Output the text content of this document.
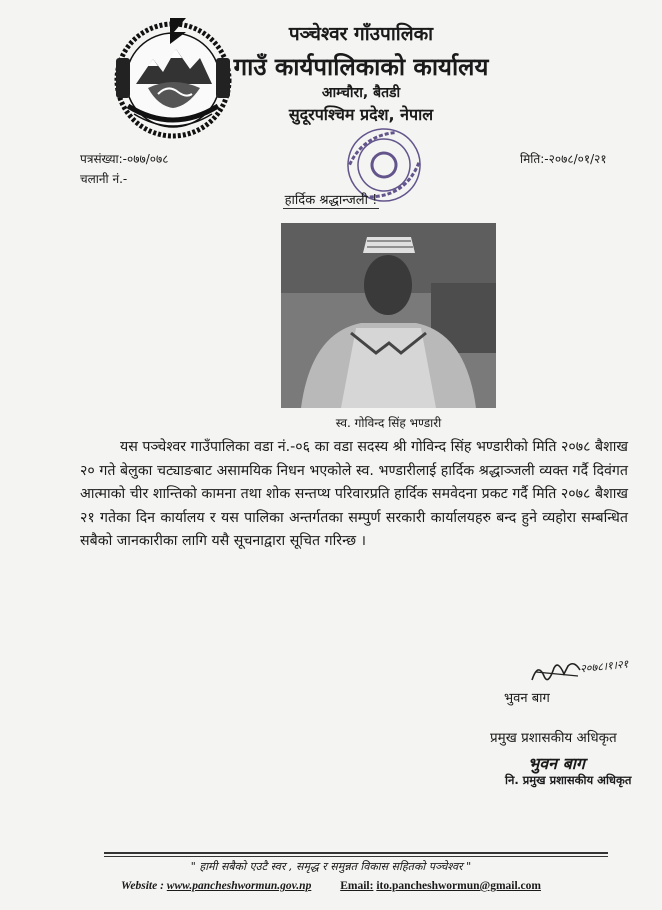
पञ्चेश्वर गाँउपालिका
गाउँ कार्यपालिकाको कार्यालय
आम्चौरा, बैतडी
सुदूरपश्चिम प्रदेश, नेपाल
पत्रसंख्या:-०७७/०७८
चलानी नं.-
मिति:-२०७८/०१/२१
हार्दिक श्रद्धान्जली !
स्व. गोविन्द सिंह भण्डारी
यस पञ्चेश्वर गाउँपालिका वडा नं.-०६ का वडा सदस्य श्री गोविन्द सिंह भण्डारीको मिति २०७८ बैशाख २० गते बेलुका चट्याङबाट असामयिक निधन भएकोले स्व. भण्डारीलाई हार्दिक श्रद्धाञ्जली व्यक्त गर्दै दिवंगत आत्माको चीर शान्तिको कामना तथा शोक सन्तप्थ परिवारप्रति हार्दिक समवेदना प्रकट गर्दै मिति २०७८ बैशाख २१ गतेका दिन कार्यालय र यस पालिका अन्तर्गतका सम्पुर्ण सरकारी कार्यालयहरु बन्द हुने व्यहोरा सम्बन्धित सबैको जानकारीका लागि यसै सूचनाद्वारा सूचित गरिन्छ ।
२०७८।१।२१
भुवन बाग
प्रमुख प्रशासकीय अधिकृत
भुवन बाग
नि. प्रमुख प्रशासकीय अधिकृत
" हामी सबैको एउटै स्वर , समृद्ध र समुन्नत विकास सहितको पञ्चेश्वर "
Website : www.pancheshwormun.gov.np	Email: ito.pancheshwormun@gmail.com
